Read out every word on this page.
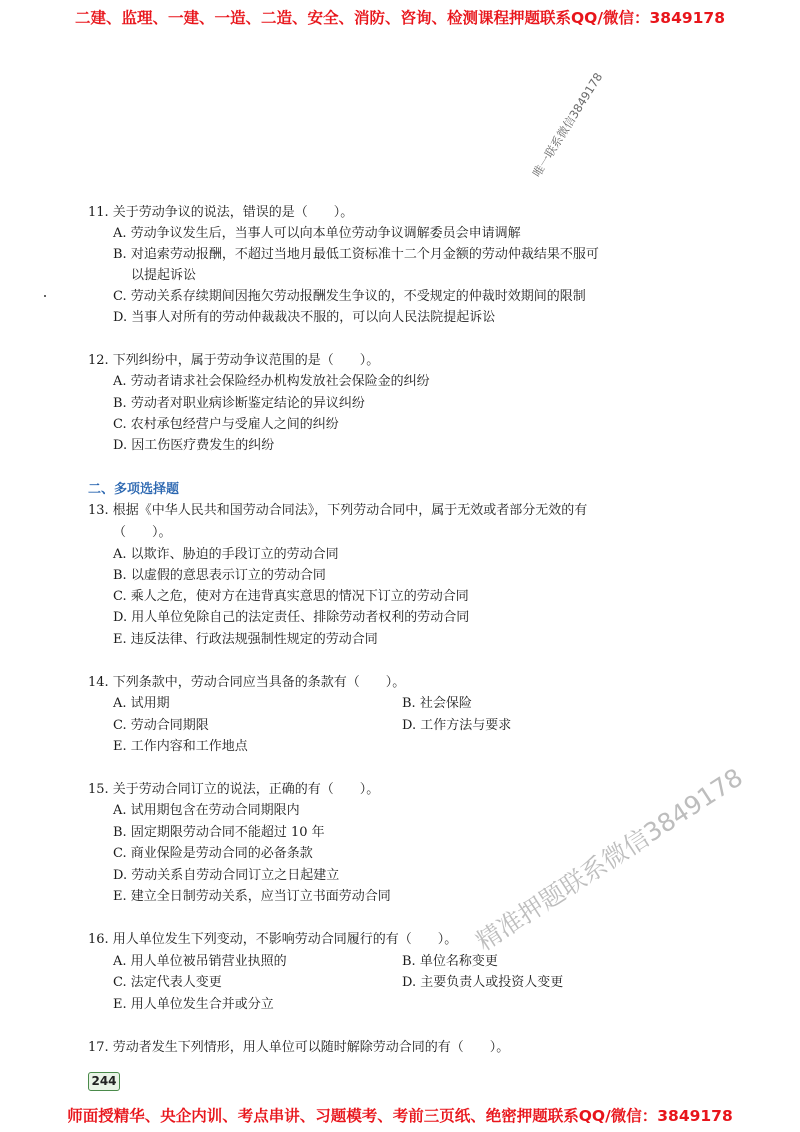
二建、监理、一建、一造、二造、安全、消防、咨询、检测课程押题联系QQ/微信：3849178
唯一联系微信3849178
11. 关于劳动争议的说法，错误的是（　　）。
A. 劳动争议发生后，当事人可以向本单位劳动争议调解委员会申请调解
B. 对追索劳动报酬，不超过当地月最低工资标准十二个月金额的劳动仲裁结果不服可
以提起诉讼
C. 劳动关系存续期间因拖欠劳动报酬发生争议的，不受规定的仲裁时效期间的限制
D. 当事人对所有的劳动仲裁裁决不服的，可以向人民法院提起诉讼
12. 下列纠纷中，属于劳动争议范围的是（　　）。
A. 劳动者请求社会保险经办机构发放社会保险金的纠纷
B. 劳动者对职业病诊断鉴定结论的异议纠纷
C. 农村承包经营户与受雇人之间的纠纷
D. 因工伤医疗费发生的纠纷
二、多项选择题
13. 根据《中华人民共和国劳动合同法》，下列劳动合同中，属于无效或者部分无效的有
（　　）。
A. 以欺诈、胁迫的手段订立的劳动合同
B. 以虚假的意思表示订立的劳动合同
C. 乘人之危，使对方在违背真实意思的情况下订立的劳动合同
D. 用人单位免除自己的法定责任、排除劳动者权利的劳动合同
E. 违反法律、行政法规强制性规定的劳动合同
14. 下列条款中，劳动合同应当具备的条款有（　　）。
A. 试用期	B. 社会保险
C. 劳动合同期限	D. 工作方法与要求
E. 工作内容和工作地点
15. 关于劳动合同订立的说法，正确的有（　　）。
A. 试用期包含在劳动合同期限内
B. 固定期限劳动合同不能超过 10 年
C. 商业保险是劳动合同的必备条款
D. 劳动关系自劳动合同订立之日起建立
E. 建立全日制劳动关系，应当订立书面劳动合同
16. 用人单位发生下列变动，不影响劳动合同履行的有（　　）。
A. 用人单位被吊销营业执照的	B. 单位名称变更
C. 法定代表人变更	D. 主要负责人或投资人变更
E. 用人单位发生合并或分立
17. 劳动者发生下列情形，用人单位可以随时解除劳动合同的有（　　）。
精准押题联系微信3849178
244
师面授精华、央企内训、考点串讲、习题模考、考前三页纸、绝密押题联系QQ/微信：3849178
